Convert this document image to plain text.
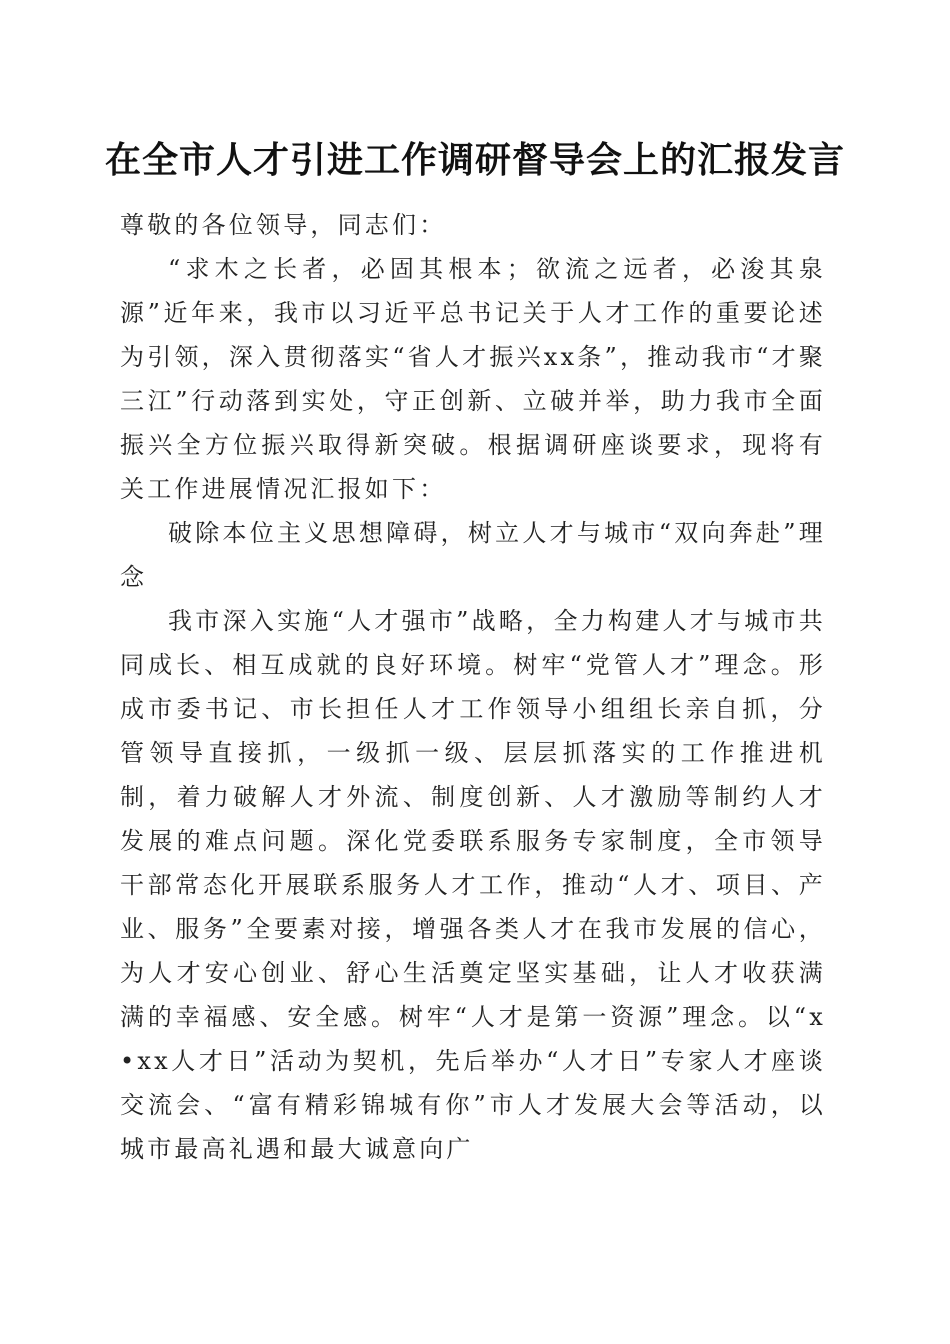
在全市人才引进工作调研督导会上的汇报发言

尊敬的各位领导，同志们：

“求木之长者，必固其根本；欲流之远者，必浚其泉源”近年来，我市以习近平总书记关于人才工作的重要论述为引领，深入贯彻落实“省人才振兴xx条”，推动我市“才聚三江”行动落到实处，守正创新、立破并举，助力我市全面振兴全方位振兴取得新突破。根据调研座谈要求，现将有关工作进展情况汇报如下：

破除本位主义思想障碍，树立人才与城市“双向奔赴”理念

我市深入实施“人才强市”战略，全力构建人才与城市共同成长、相互成就的良好环境。树牢“党管人才”理念。形成市委书记、市长担任人才工作领导小组组长亲自抓，分管领导直接抓，一级抓一级、层层抓落实的工作推进机制，着力破解人才外流、制度创新、人才激励等制约人才发展的难点问题。深化党委联系服务专家制度，全市领导干部常态化开展联系服务人才工作，推动“人才、项目、产业、服务”全要素对接，增强各类人才在我市发展的信心，为人才安心创业、舒心生活奠定坚实基础，让人才收获满满的幸福感、安全感。树牢“人才是第一资源”理念。以“x•xx人才日”活动为契机，先后举办“人才日”专家人才座谈交流会、“富有精彩锦城有你”市人才发展大会等活动，以城市最高礼遇和最大诚意向广
